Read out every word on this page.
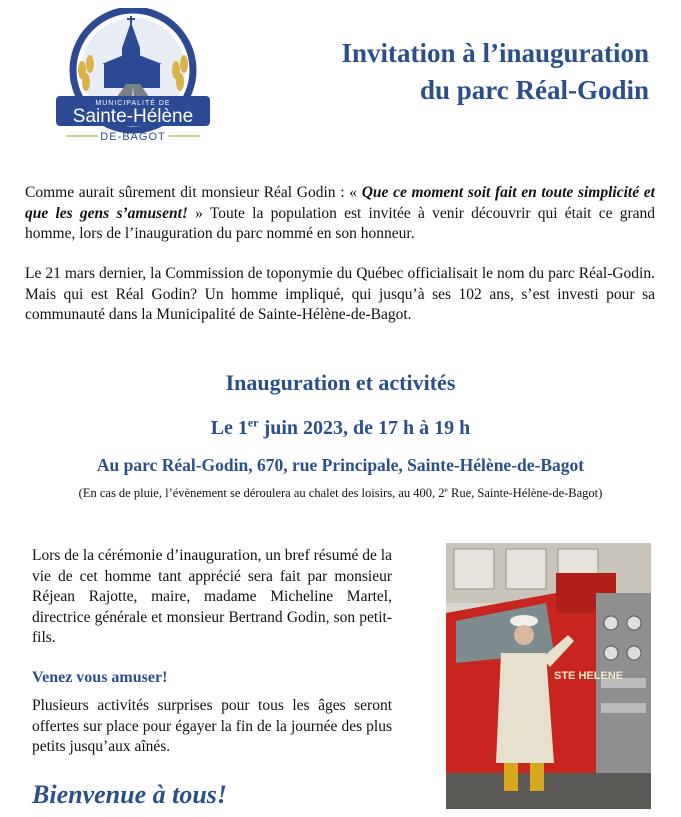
MUNICIPALITÉ DE
Sainte-Hélène
DE-BAGOT
Invitation à l’inauguration
du parc Réal-Godin
Comme aurait sûrement dit monsieur Réal Godin : « Que ce moment soit fait en toute simplicité et que les gens s’amusent! » Toute la population est invitée à venir découvrir qui était ce grand homme, lors de l’inauguration du parc nommé en son honneur.
Le 21 mars dernier, la Commission de toponymie du Québec officialisait le nom du parc Réal-Godin. Mais qui est Réal Godin? Un homme impliqué, qui jusqu’à ses 102 ans, s’est investi pour sa communauté dans la Municipalité de Sainte-Hélène-de-Bagot.
Inauguration et activités
Le 1er juin 2023, de 17 h à 19 h
Au parc Réal-Godin, 670, rue Principale, Sainte-Hélène-de-Bagot
(En cas de pluie, l’évènement se déroulera au chalet des loisirs, au 400, 2e Rue, Sainte-Hélène-de-Bagot)
Lors de la cérémonie d’inauguration, un bref résumé de la vie de cet homme tant apprécié sera fait par monsieur Réjean Rajotte, maire, madame Micheline Martel, directrice générale et monsieur Bertrand Godin, son petit-fils.
Venez vous amuser!
Plusieurs activités surprises pour tous les âges seront offertes sur place pour égayer la fin de la journée des plus petits jusqu’aux aînés.
Bienvenue à tous!
STE HELENE
